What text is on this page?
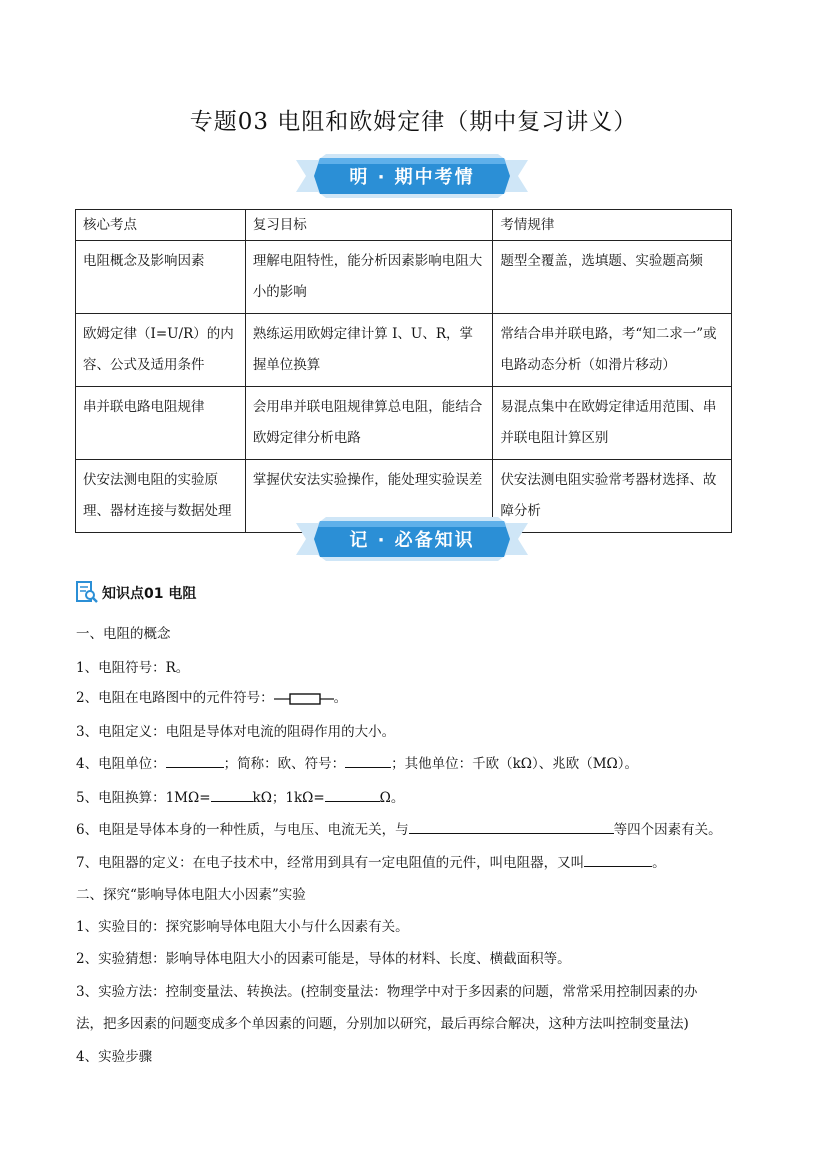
专题03 电阻和欧姆定律（期中复习讲义）
明 · 期中考情
核心考点	复习目标	考情规律
电阻概念及影响因素	理解电阻特性，能分析因素影响电阻大小的影响	题型全覆盖，选填题、实验题高频
欧姆定律（I=U/R）的内容、公式及适用条件	熟练运用欧姆定律计算 I、U、R，掌握单位换算	常结合串并联电路，考“知二求一”或电路动态分析（如滑片移动）
串并联电路电阻规律	会用串并联电阻规律算总电阻，能结合欧姆定律分析电路	易混点集中在欧姆定律适用范围、串并联电阻计算区别
伏安法测电阻的实验原理、器材连接与数据处理	掌握伏安法实验操作，能处理实验误差	伏安法测电阻实验常考器材选择、故障分析
记 · 必备知识
知识点01 电阻
一、电阻的概念
1、电阻符号：R。
2、电阻在电路图中的元件符号：	。
3、电阻定义：电阻是导体对电流的阻碍作用的大小。
4、电阻单位：	；简称：欧、符号：	；其他单位：千欧（kΩ）、兆欧（MΩ）。
5、电阻换算：1MΩ=	kΩ；1kΩ=	Ω。
6、电阻是导体本身的一种性质，与电压、电流无关，与	等四个因素有关。
7、电阻器的定义：在电子技术中，经常用到具有一定电阻值的元件，叫电阻器，又叫	。
二、探究“影响导体电阻大小因素”实验
1、实验目的：探究影响导体电阻大小与什么因素有关。
2、实验猜想：影响导体电阻大小的因素可能是，导体的材料、长度、横截面积等。
3、实验方法：控制变量法、转换法。(控制变量法：物理学中对于多因素的问题，常常采用控制因素的办
法，把多因素的问题变成多个单因素的问题，分别加以研究，最后再综合解决，这种方法叫控制变量法)
4、实验步骤
